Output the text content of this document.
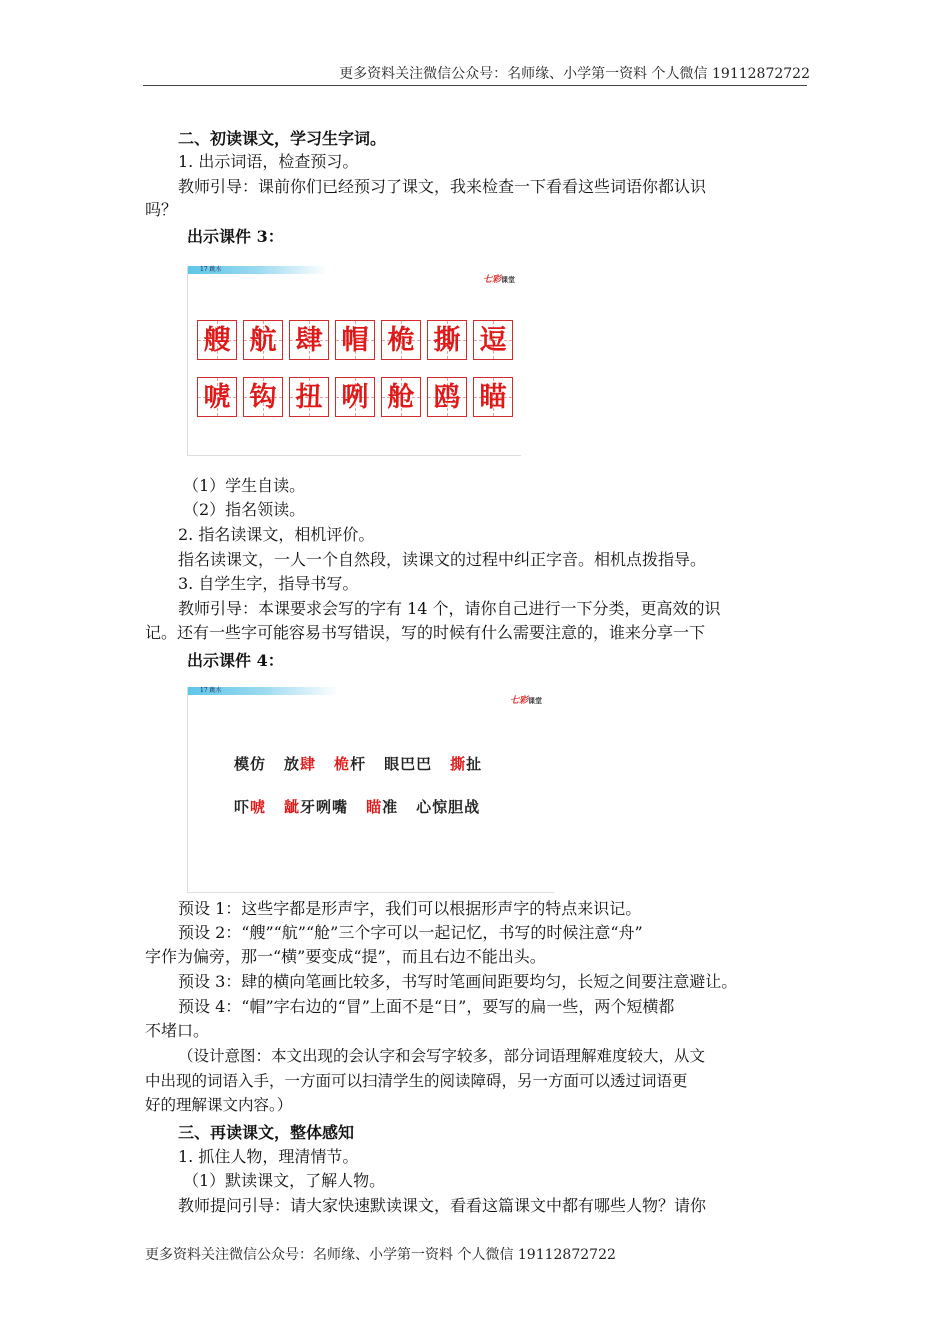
更多资料关注微信公众号：名师缘、小学第一资料 个人微信 19112872722
二、初读课文，学习生字词。
1. 出示词语，检查预习。
教师引导：课前你们已经预习了课文，我来检查一下看看这些词语你都认识
吗？
出示课件 3：
17 跳水
七彩课堂
艘 航 肆 帽 桅 撕 逗
唬 钩 扭 咧 舱 鸥 瞄
（1）学生自读。
（2）指名领读。
2. 指名读课文，相机评价。
指名读课文，一人一个自然段，读课文的过程中纠正字音。相机点拨指导。
3. 自学生字，指导书写。
教师引导：本课要求会写的字有 14 个，请你自己进行一下分类，更高效的识
记。还有一些字可能容易书写错误，写的时候有什么需要注意的，谁来分享一下
出示课件 4：
17 跳水
七彩课堂
模仿 放肆 桅杆 眼巴巴 撕扯
吓唬 龇牙咧嘴 瞄准 心惊胆战
预设 1：这些字都是形声字，我们可以根据形声字的特点来识记。
预设 2：“艘”“航”“舱”三个字可以一起记忆，书写的时候注意“舟”
字作为偏旁，那一“横”要变成“提”，而且右边不能出头。
预设 3：肆的横向笔画比较多，书写时笔画间距要均匀，长短之间要注意避让。
预设 4：“帽”字右边的“冒”上面不是“日”，要写的扁一些，两个短横都
不堵口。
（设计意图：本文出现的会认字和会写字较多，部分词语理解难度较大，从文
中出现的词语入手，一方面可以扫清学生的阅读障碍，另一方面可以透过词语更
好的理解课文内容。）
三、再读课文，整体感知
1. 抓住人物，理清情节。
（1）默读课文，了解人物。
教师提问引导：请大家快速默读课文，看看这篇课文中都有哪些人物？请你
更多资料关注微信公众号：名师缘、小学第一资料 个人微信 19112872722
